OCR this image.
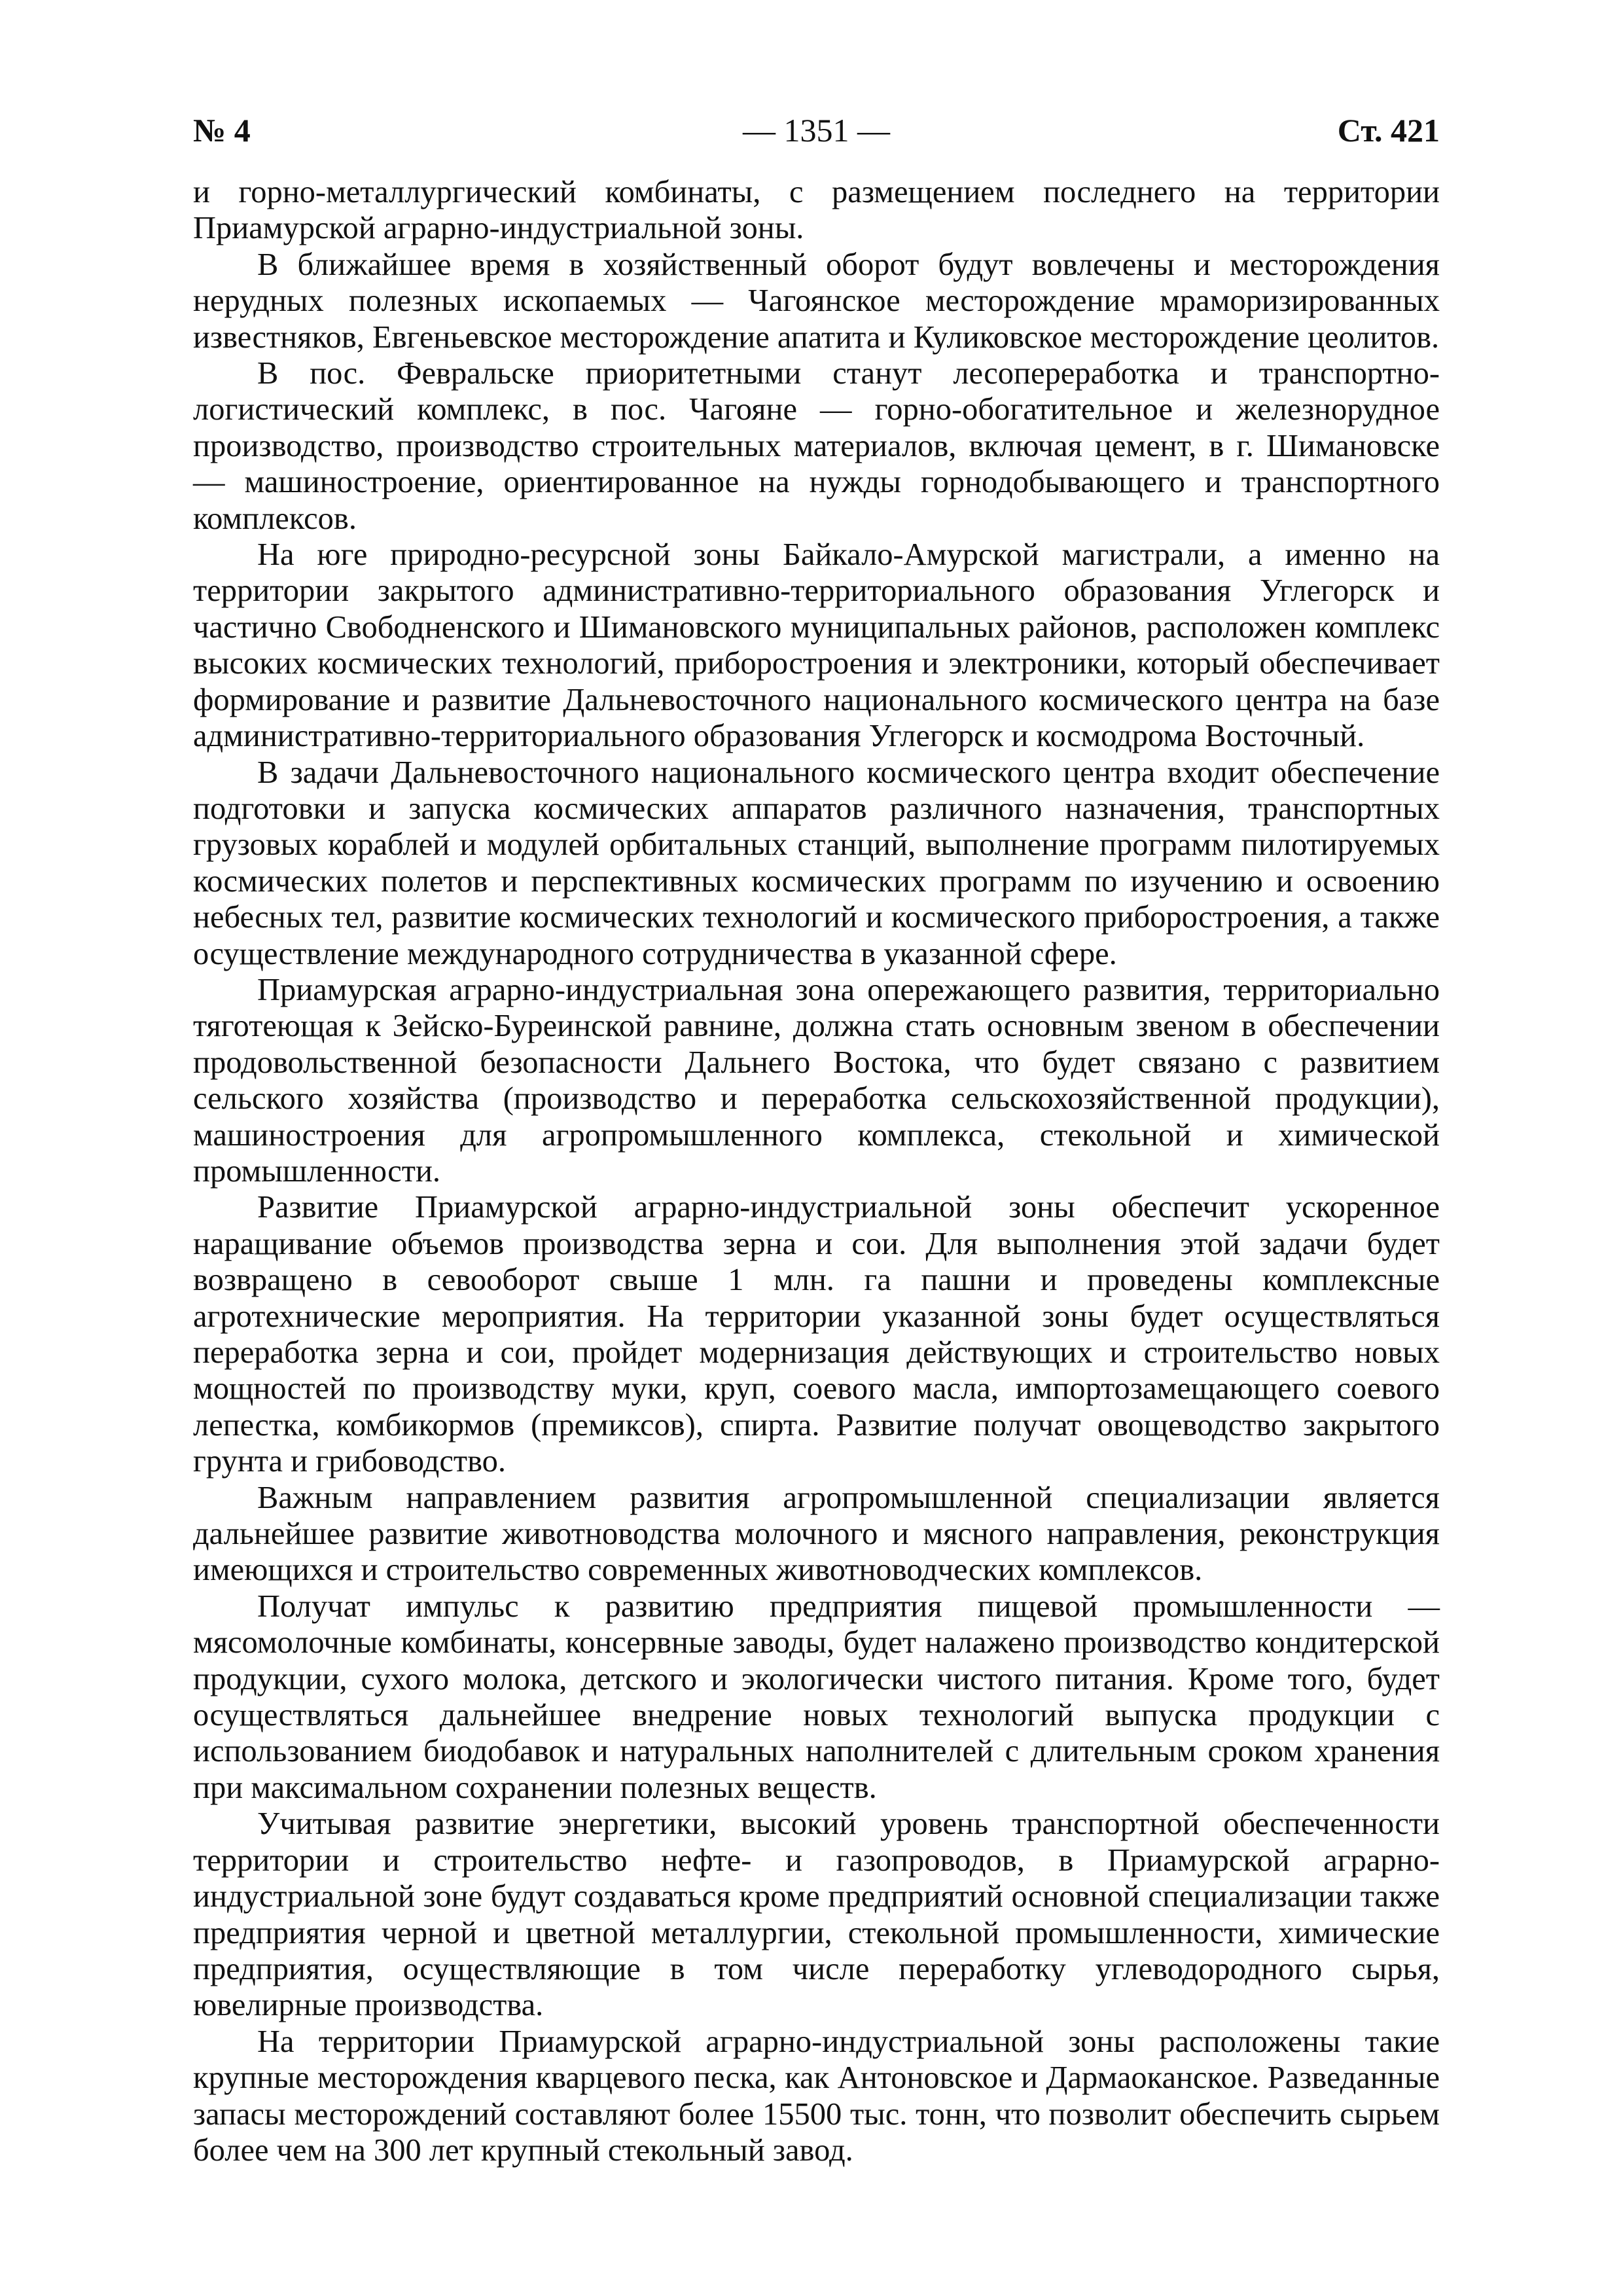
№ 4	— 1351 —	Ст. 421

и горно-металлургический комбинаты, с размещением последнего на территории Приамурской аграрно-индустриальной зоны.

В ближайшее время в хозяйственный оборот будут вовлечены и месторождения нерудных полезных ископаемых — Чагоянское месторождение мраморизированных известняков, Евгеньевское месторождение апатита и Куликовское месторождение цеолитов.

В пос. Февральске приоритетными станут лесопереработка и транспортно-логистический комплекс, в пос. Чагояне — горно-обогатительное и железнорудное производство, производство строительных материалов, включая цемент, в г. Шимановске — машиностроение, ориентированное на нужды горнодобывающего и транспортного комплексов.

На юге природно-ресурсной зоны Байкало-Амурской магистрали, а именно на территории закрытого административно-территориального образования Углегорск и частично Свободненского и Шимановского муниципальных районов, расположен комплекс высоких космических технологий, приборостроения и электроники, который обеспечивает формирование и развитие Дальневосточного национального космического центра на базе административно-территориального образования Углегорск и космодрома Восточный.

В задачи Дальневосточного национального космического центра входит обеспечение подготовки и запуска космических аппаратов различного назначения, транспортных грузовых кораблей и модулей орбитальных станций, выполнение программ пилотируемых космических полетов и перспективных космических программ по изучению и освоению небесных тел, развитие космических технологий и космического приборостроения, а также осуществление международного сотрудничества в указанной сфере.

Приамурская аграрно-индустриальная зона опережающего развития, территориально тяготеющая к Зейско-Буреинской равнине, должна стать основным звеном в обеспечении продовольственной безопасности Дальнего Востока, что будет связано с развитием сельского хозяйства (производство и переработка сельскохозяйственной продукции), машиностроения для агропромышленного комплекса, стекольной и химической промышленности.

Развитие Приамурской аграрно-индустриальной зоны обеспечит ускоренное наращивание объемов производства зерна и сои. Для выполнения этой задачи будет возвращено в севооборот свыше 1 млн. га пашни и проведены комплексные агротехнические мероприятия. На территории указанной зоны будет осуществляться переработка зерна и сои, пройдет модернизация действующих и строительство новых мощностей по производству муки, круп, соевого масла, импортозамещающего соевого лепестка, комбикормов (премиксов), спирта. Развитие получат овощеводство закрытого грунта и грибоводство.

Важным направлением развития агропромышленной специализации является дальнейшее развитие животноводства молочного и мясного направления, реконструкция имеющихся и строительство современных животноводческих комплексов.

Получат импульс к развитию предприятия пищевой промышленности — мясомолочные комбинаты, консервные заводы, будет налажено производство кондитерской продукции, сухого молока, детского и экологически чистого питания. Кроме того, будет осуществляться дальнейшее внедрение новых технологий выпуска продукции с использованием биодобавок и натуральных наполнителей с длительным сроком хранения при максимальном сохранении полезных веществ.

Учитывая развитие энергетики, высокий уровень транспортной обеспеченности территории и строительство нефте- и газопроводов, в Приамурской аграрно-индустриальной зоне будут создаваться кроме предприятий основной специализации также предприятия черной и цветной металлургии, стекольной промышленности, химические предприятия, осуществляющие в том числе переработку углеводородного сырья, ювелирные производства.

На территории Приамурской аграрно-индустриальной зоны расположены такие крупные месторождения кварцевого песка, как Антоновское и Дармаоканское. Разведанные запасы месторождений составляют более 15500 тыс. тонн, что позволит обеспечить сырьем более чем на 300 лет крупный стекольный завод.
